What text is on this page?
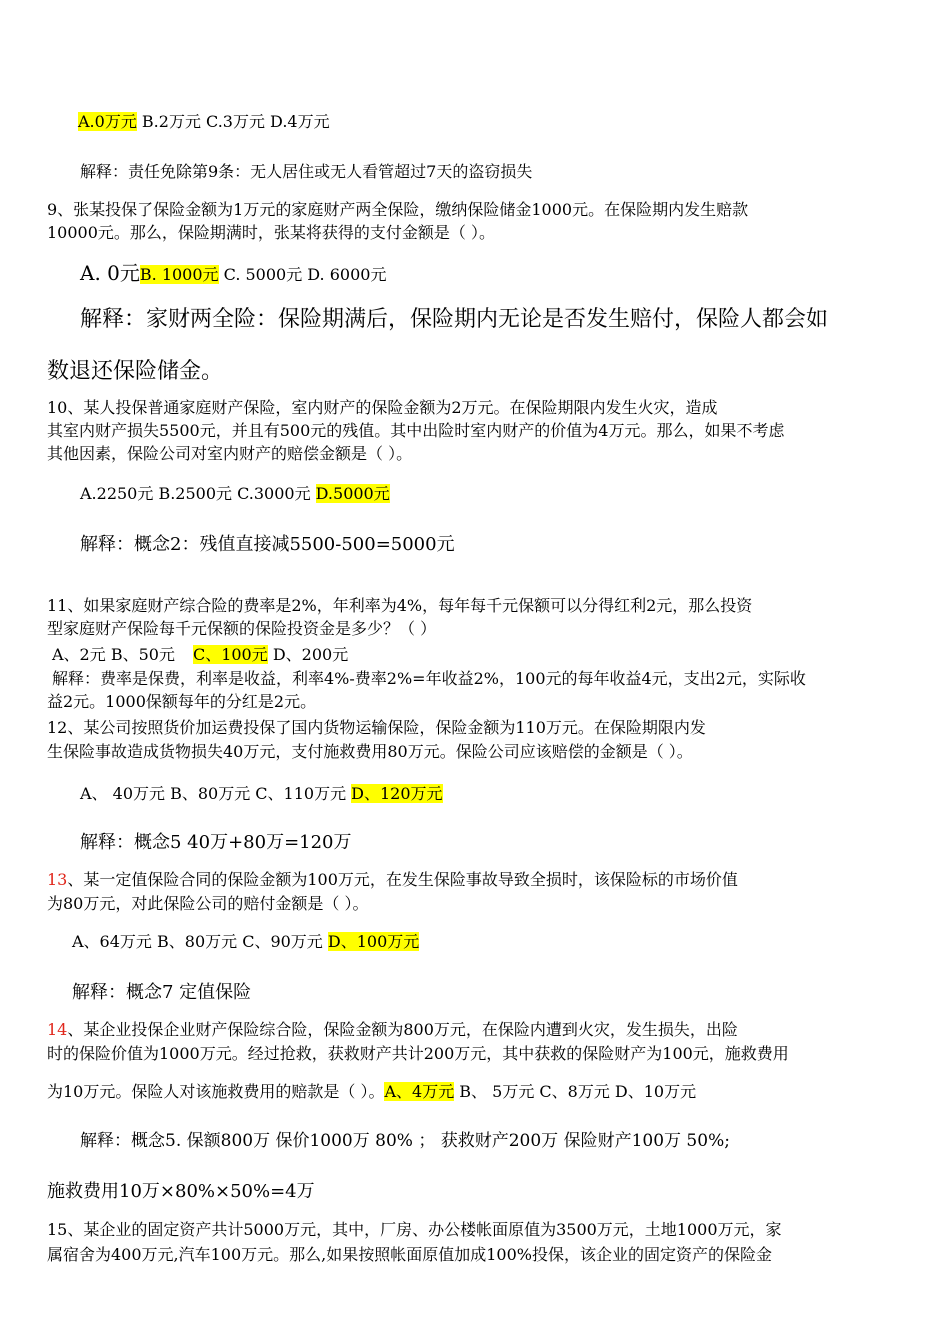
A.0万元 B.2万元 C.3万元 D.4万元
解释：责任免除第9条：无人居住或无人看管超过7天的盗窃损失
9、张某投保了保险金额为1万元的家庭财产两全保险，缴纳保险储金1000元。在保险期内发生赔款
10000元。那么，保险期满时，张某将获得的支付金额是（ ）。
A. 0元B. 1000元 C. 5000元 D. 6000元
解释：家财两全险：保险期满后，保险期内无论是否发生赔付，保险人都会如
数退还保险储金。
10、某人投保普通家庭财产保险，室内财产的保险金额为2万元。在保险期限内发生火灾，造成
其室内财产损失5500元，并且有500元的残值。其中出险时室内财产的价值为4万元。那么，如果不考虑
其他因素，保险公司对室内财产的赔偿金额是（ ）。
A.2250元 B.2500元 C.3000元 D.5000元
解释：概念2：残值直接减5500-500=5000元
11、如果家庭财产综合险的费率是2%，年利率为4%，每年每千元保额可以分得红利2元，那么投资
型家庭财产保险每千元保额的保险投资金是多少？（ ）
A、2元 B、50元 C、100元 D、200元
解释：费率是保费，利率是收益，利率4%-费率2%=年收益2%，100元的每年收益4元，支出2元，实际收
益2元。1000保额每年的分红是2元。
12、某公司按照货价加运费投保了国内货物运输保险，保险金额为110万元。在保险期限内发
生保险事故造成货物损失40万元，支付施救费用80万元。保险公司应该赔偿的金额是（ ）。
A、 40万元 B、80万元 C、110万元 D、120万元
解释：概念5 40万+80万=120万
13、某一定值保险合同的保险金额为100万元，在发生保险事故导致全损时，该保险标的市场价值
为80万元，对此保险公司的赔付金额是（ ）。
A、64万元 B、80万元 C、90万元 D、100万元
解释：概念7 定值保险
14、某企业投保企业财产保险综合险，保险金额为800万元，在保险内遭到火灾，发生损失，出险
时的保险价值为1000万元。经过抢救，获救财产共计200万元，其中获救的保险财产为100元，施救费用
为10万元。保险人对该施救费用的赔款是（ ）。A、4万元 B、 5万元 C、8万元 D、10万元
解释：概念5. 保额800万 保价1000万 80% ； 获救财产200万 保险财产100万 50%;
施救费用10万×80%×50%=4万
15、某企业的固定资产共计5000万元，其中，厂房、办公楼帐面原值为3500万元，土地1000万元，家
属宿舍为400万元,汽车100万元。那么,如果按照帐面原值加成100%投保，该企业的固定资产的保险金
